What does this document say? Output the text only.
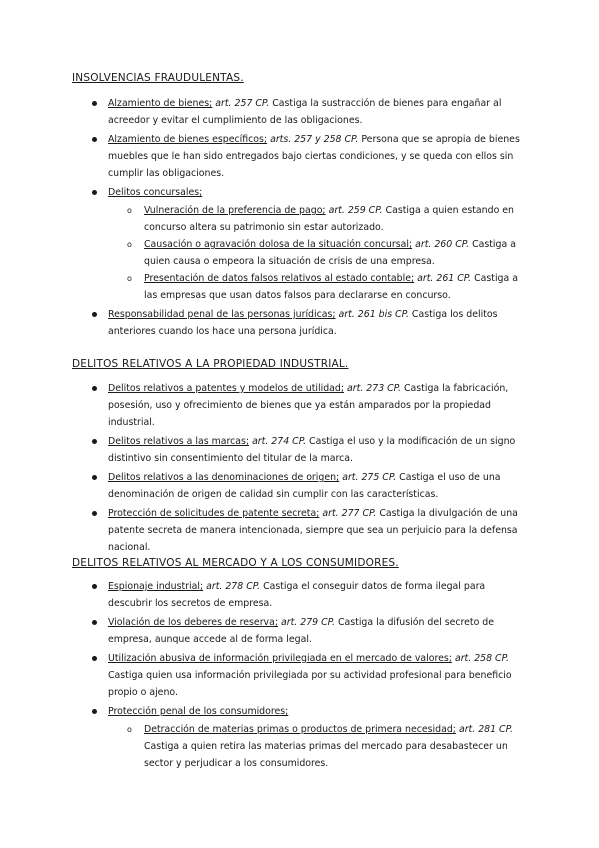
INSOLVENCIAS FRAUDULENTAS.
Alzamiento de bienes; art. 257 CP. Castiga la sustracción de bienes para engañar al acreedor y evitar el cumplimiento de las obligaciones.
Alzamiento de bienes específicos; arts. 257 y 258 CP. Persona que se apropia de bienes muebles que le han sido entregados bajo ciertas condiciones, y se queda con ellos sin cumplir las obligaciones.
Delitos concursales;
o Vulneración de la preferencia de pago; art. 259 CP. Castiga a quien estando en concurso altera su patrimonio sin estar autorizado.
o Causación o agravación dolosa de la situación concursal; art. 260 CP. Castiga a quien causa o empeora la situación de crisis de una empresa.
o Presentación de datos falsos relativos al estado contable; art. 261 CP. Castiga a las empresas que usan datos falsos para declararse en concurso.
Responsabilidad penal de las personas jurídicas; art. 261 bis CP. Castiga los delitos anteriores cuando los hace una persona jurídica.
DELITOS RELATIVOS A LA PROPIEDAD INDUSTRIAL.
Delitos relativos a patentes y modelos de utilidad; art. 273 CP. Castiga la fabricación, posesión, uso y ofrecimiento de bienes que ya están amparados por la propiedad industrial.
Delitos relativos a las marcas; art. 274 CP. Castiga el uso y la modificación de un signo distintivo sin consentimiento del titular de la marca.
Delitos relativos a las denominaciones de origen; art. 275 CP. Castiga el uso de una denominación de origen de calidad sin cumplir con las características.
Protección de solicitudes de patente secreta; art. 277 CP. Castiga la divulgación de una patente secreta de manera intencionada, siempre que sea un perjuicio para la defensa nacional.
DELITOS RELATIVOS AL MERCADO Y A LOS CONSUMIDORES.
Espionaje industrial; art. 278 CP. Castiga el conseguir datos de forma ilegal para descubrir los secretos de empresa.
Violación de los deberes de reserva; art. 279 CP. Castiga la difusión del secreto de empresa, aunque accede al de forma legal.
Utilización abusiva de información privilegiada en el mercado de valores; art. 258 CP. Castiga quien usa información privilegiada por su actividad profesional para beneficio propio o ajeno.
Protección penal de los consumidores;
o Detracción de materias primas o productos de primera necesidad; art. 281 CP. Castiga a quien retira las materias primas del mercado para desabastecer un sector y perjudicar a los consumidores.
